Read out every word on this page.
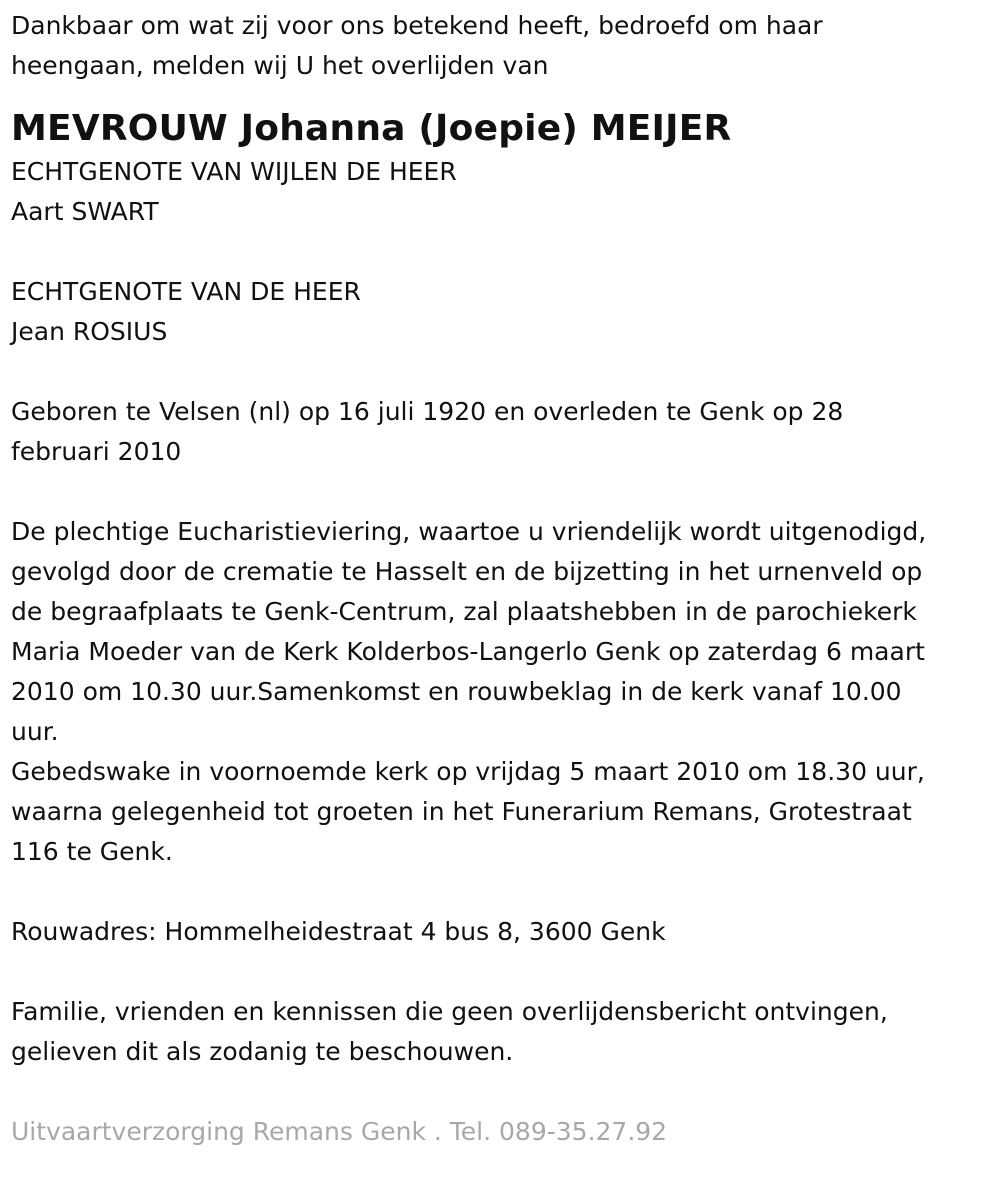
Dankbaar om wat zij voor ons betekend heeft, bedroefd om haar
heengaan, melden wij U het overlijden van

MEVROUW Johanna (Joepie) MEIJER

ECHTGENOTE VAN WIJLEN DE HEER
Aart SWART

ECHTGENOTE VAN DE HEER
Jean ROSIUS

Geboren te Velsen (nl) op 16 juli 1920 en overleden te Genk op 28
februari 2010

De plechtige Eucharistieviering, waartoe u vriendelijk wordt uitgenodigd,
gevolgd door de crematie te Hasselt en de bijzetting in het urnenveld op
de begraafplaats te Genk-Centrum, zal plaatshebben in de parochiekerk
Maria Moeder van de Kerk Kolderbos-Langerlo Genk op zaterdag 6 maart
2010 om 10.30 uur.Samenkomst en rouwbeklag in de kerk vanaf 10.00
uur.

Gebedswake in voornoemde kerk op vrijdag 5 maart 2010 om 18.30 uur,
waarna gelegenheid tot groeten in het Funerarium Remans, Grotestraat
116 te Genk.

Rouwadres: Hommelheidestraat 4 bus 8, 3600 Genk

Familie, vrienden en kennissen die geen overlijdensbericht ontvingen,
gelieven dit als zodanig te beschouwen.

Uitvaartverzorging Remans Genk . Tel. 089-35.27.92
